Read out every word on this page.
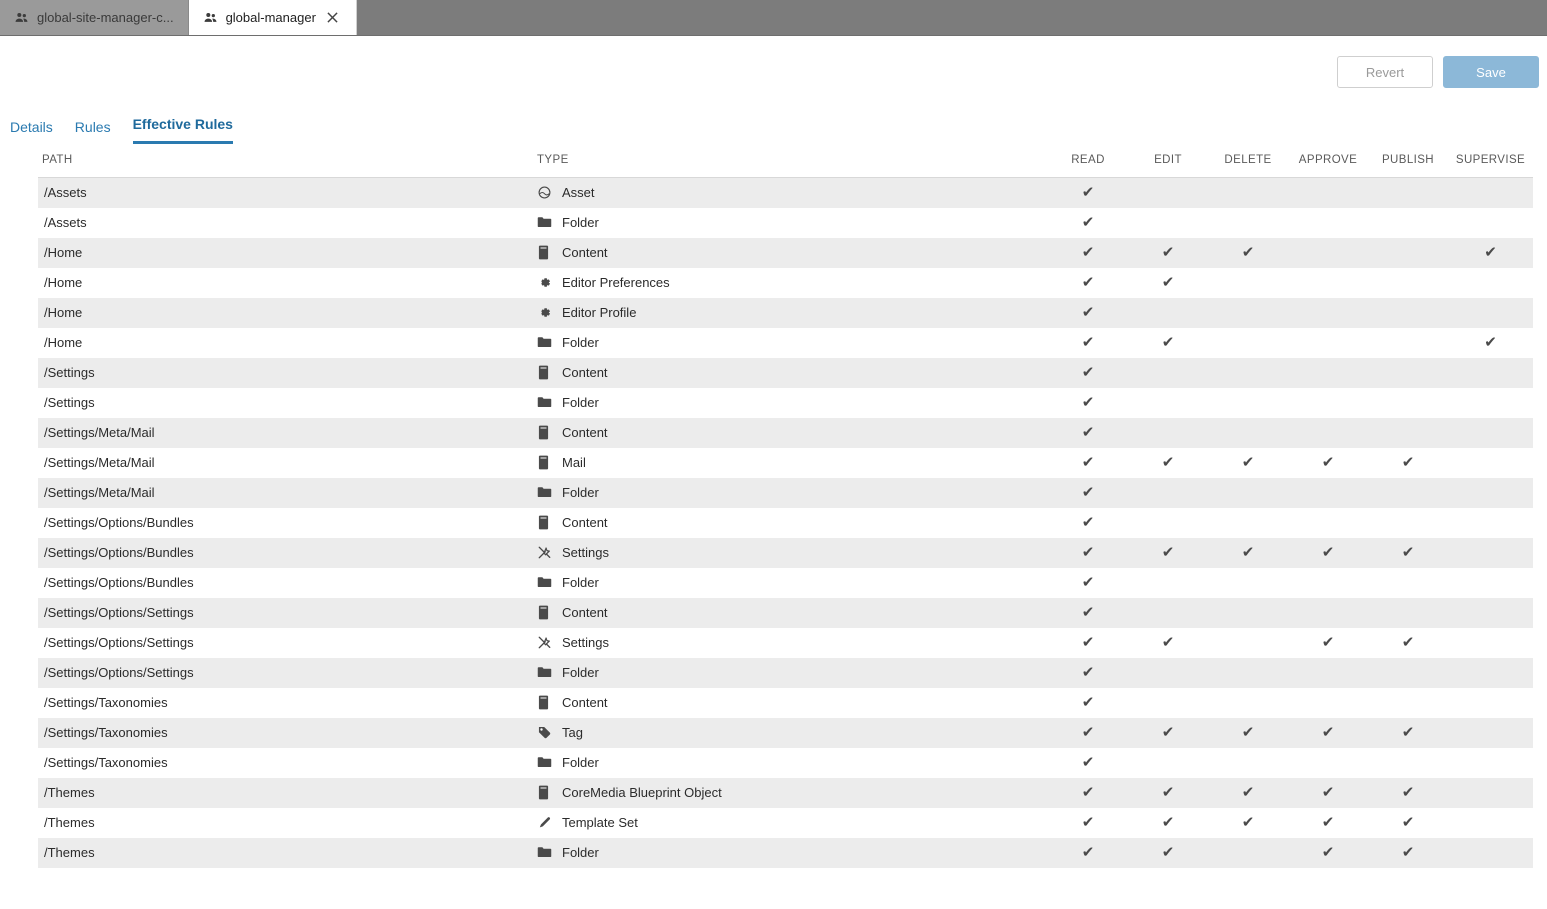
global-site-manager-c...	global-manager
Revert	Save
Details Rules Effective Rules
PATH	TYPE	READ	EDIT	DELETE	APPROVE	PUBLISH	SUPERVISE
/Assets	Asset	✔					
/Assets	Folder	✔					
/Home	Content	✔	✔	✔			✔
/Home	Editor Preferences	✔	✔				
/Home	Editor Profile	✔					
/Home	Folder	✔	✔				✔
/Settings	Content	✔					
/Settings	Folder	✔					
/Settings/Meta/Mail	Content	✔					
/Settings/Meta/Mail	Mail	✔	✔	✔	✔	✔	
/Settings/Meta/Mail	Folder	✔					
/Settings/Options/Bundles	Content	✔					
/Settings/Options/Bundles	Settings	✔	✔	✔	✔	✔	
/Settings/Options/Bundles	Folder	✔					
/Settings/Options/Settings	Content	✔					
/Settings/Options/Settings	Settings	✔	✔		✔	✔	
/Settings/Options/Settings	Folder	✔					
/Settings/Taxonomies	Content	✔					
/Settings/Taxonomies	Tag	✔	✔	✔	✔	✔	
/Settings/Taxonomies	Folder	✔					
/Themes	CoreMedia Blueprint Object	✔	✔	✔	✔	✔	
/Themes	Template Set	✔	✔	✔	✔	✔	
/Themes	Folder	✔	✔		✔	✔	
